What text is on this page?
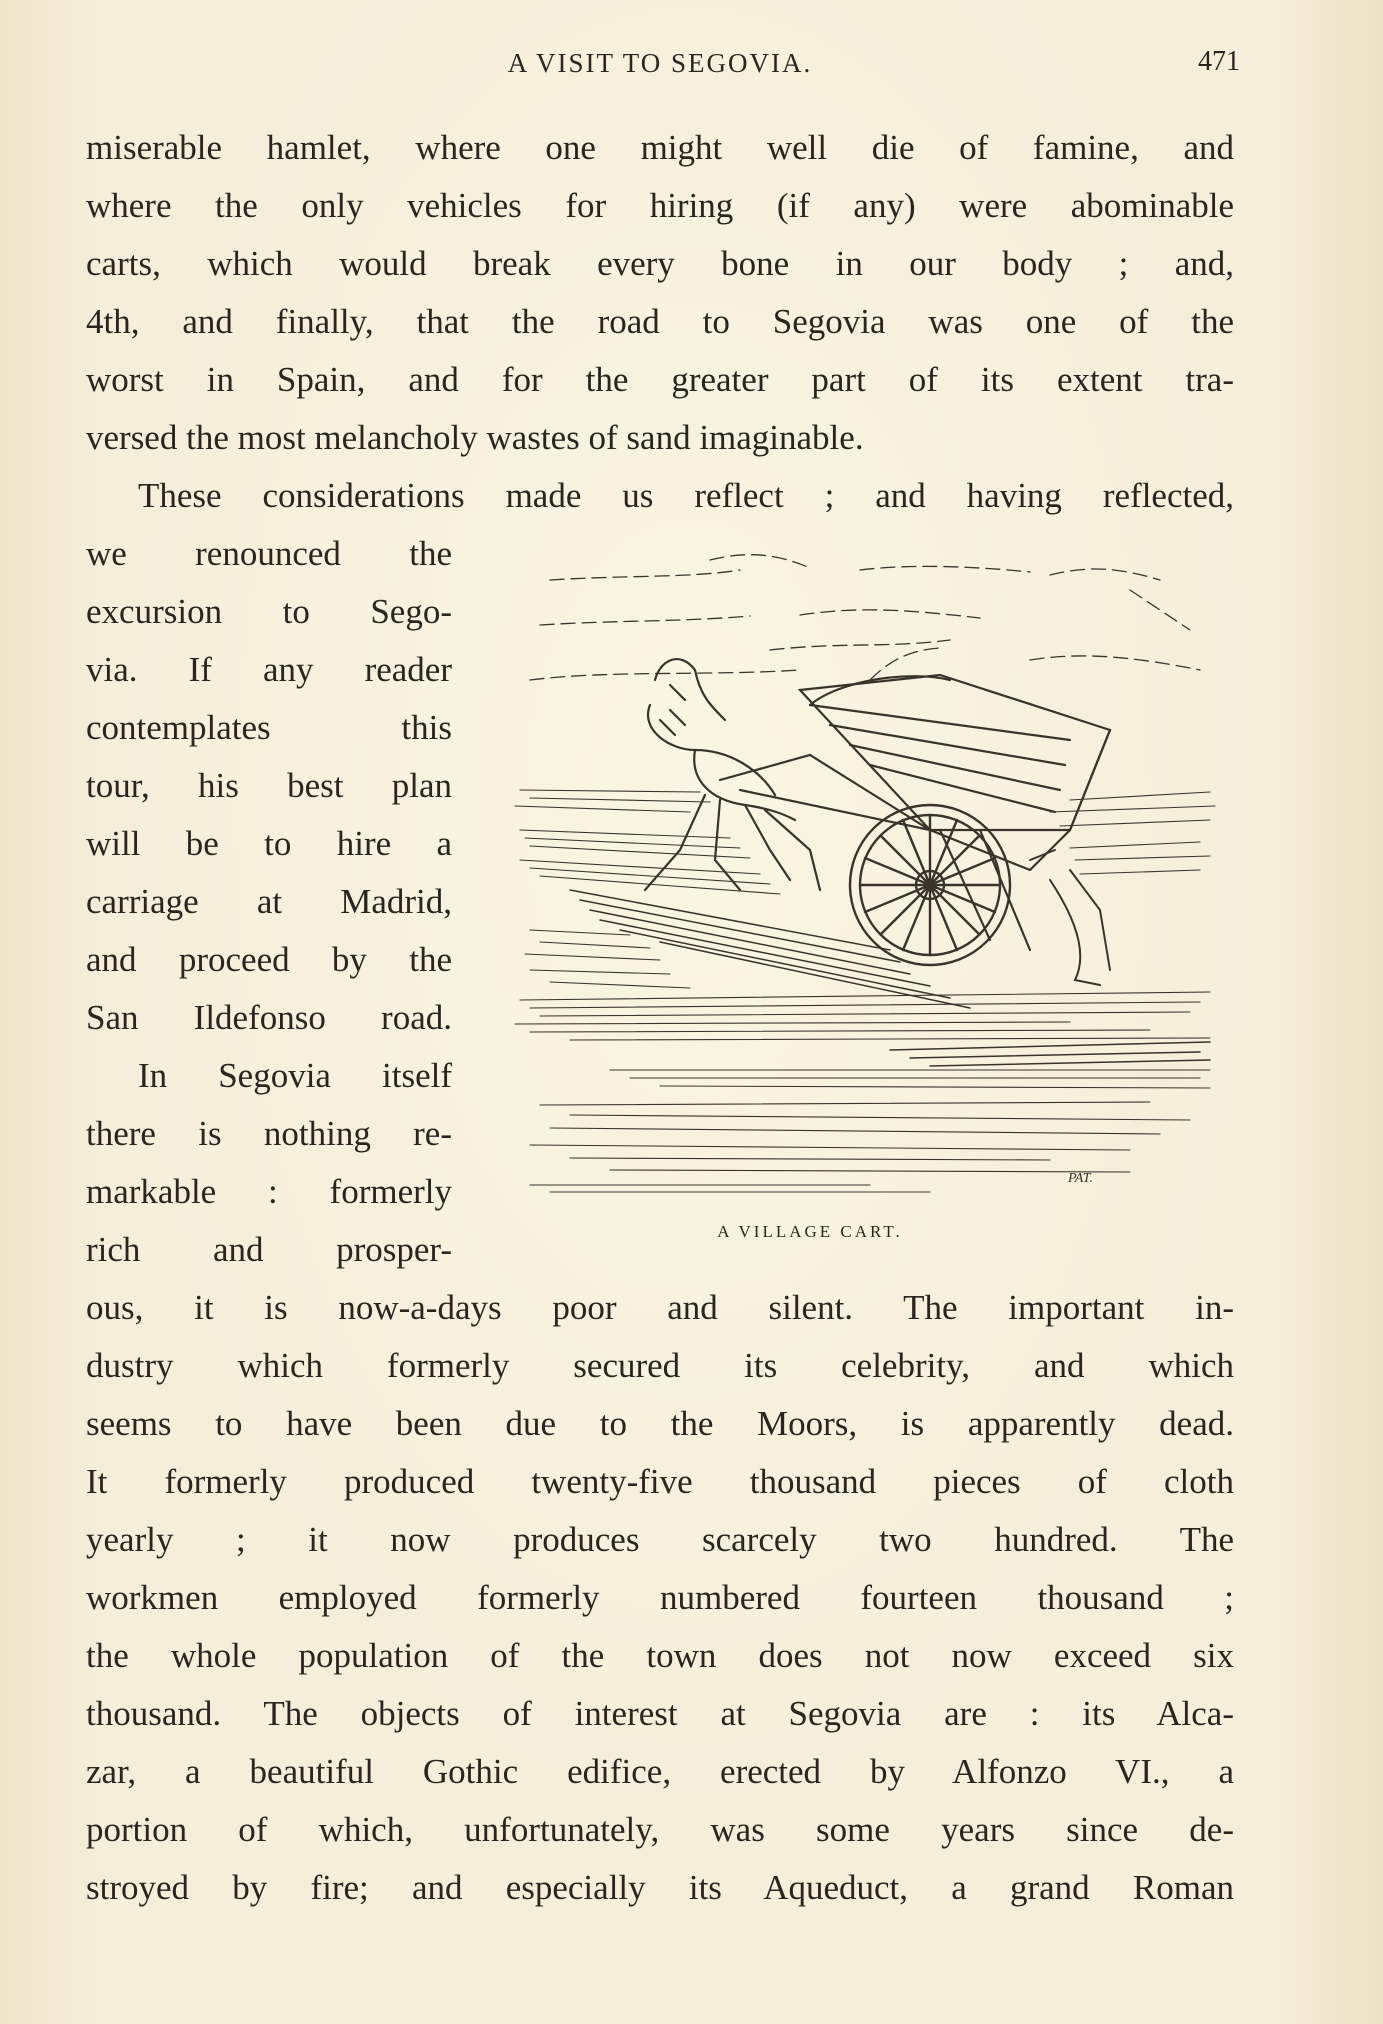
A VISIT TO SEGOVIA.	471
miserable hamlet, where one might well die of famine, and
where the only vehicles for hiring (if any) were abominable
carts, which would break every bone in our body ; and,
4th, and finally, that the road to Segovia was one of the
worst in Spain, and for the greater part of its extent tra-
versed the most melancholy wastes of sand imaginable.
These considerations made us reflect ; and having reflected,
we renounced the
excursion to Sego-
via. If any reader
contemplates this
tour, his best plan
will be to hire a
carriage at Madrid,
and proceed by the
San Ildefonso road.
In Segovia itself
there is nothing re-
markable : formerly
rich and prosper-
ous, it is now-a-days poor and silent. The important in-
dustry which formerly secured its celebrity, and which
seems to have been due to the Moors, is apparently dead.
It formerly produced twenty-five thousand pieces of cloth
yearly ; it now produces scarcely two hundred. The
workmen employed formerly numbered fourteen thousand ;
the whole population of the town does not now exceed six
thousand. The objects of interest at Segovia are : its Alca-
zar, a beautiful Gothic edifice, erected by Alfonzo VI., a
portion of which, unfortunately, was some years since de-
stroyed by fire; and especially its Aqueduct, a grand Roman
PAT.
A VILLAGE CART.
